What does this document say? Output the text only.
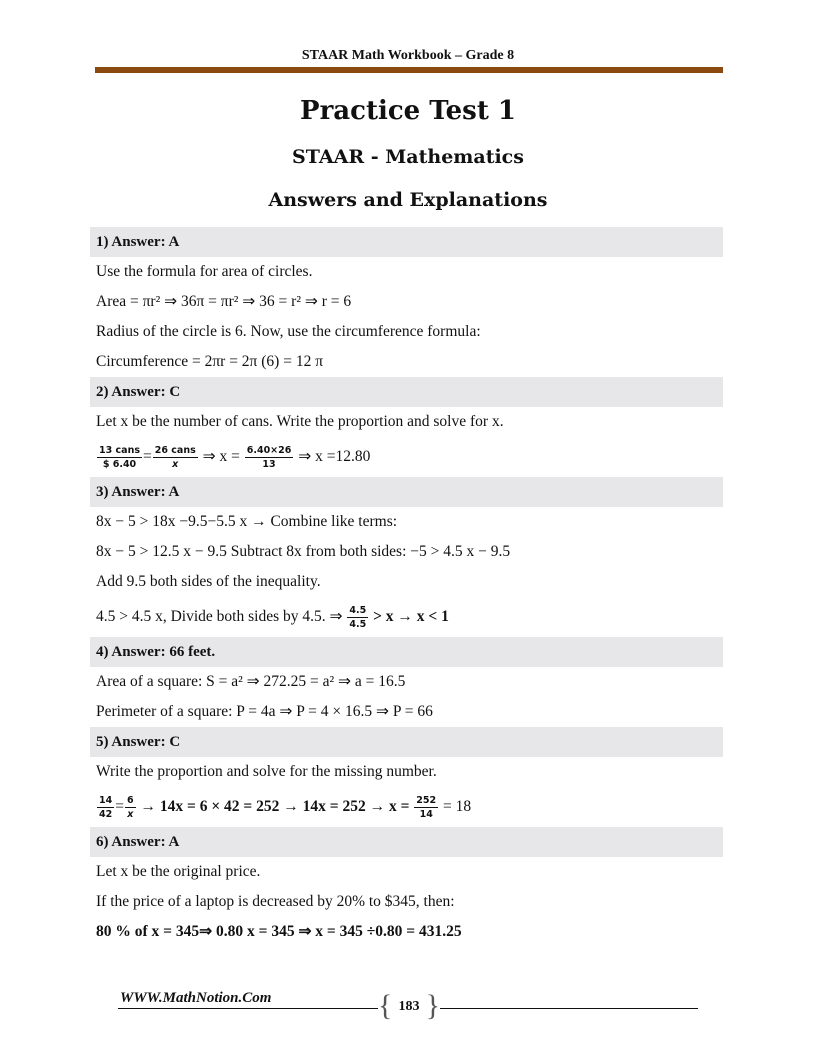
STAAR Math Workbook – Grade 8
Practice Test 1
STAAR - Mathematics
Answers and Explanations
1) Answer: A
Use the formula for area of circles.
Area = πr² ⇒ 36π = πr² ⇒ 36 = r² ⇒ r = 6
Radius of the circle is 6. Now, use the circumference formula:
Circumference = 2πr = 2π (6) = 12 π
2) Answer: C
Let x be the number of cans. Write the proportion and solve for x.
$\frac{\text{13 cans}}{\$ 6.40} = \frac{\text{26 cans}}{x}$ ⇒ $x = \frac{6.40\times 26}{13}$ ⇒ x =12.80
3) Answer: A
8x − 5 > 18x −9.5−5.5 x → Combine like terms:
8x − 5 > 12.5 x − 9.5 Subtract 8x from both sides: −5 > 4.5 x − 9.5
Add 9.5 both sides of the inequality.
4.5 > 4.5 x, Divide both sides by 4.5. ⇒ $\frac{4.5}{4.5} > x \to x < 1$
4) Answer: 66 feet.
Area of a square: S = a² ⇒ 272.25 = a² ⇒ a = 16.5
Perimeter of a square: P = 4a ⇒ P = 4 × 16.5 ⇒ P = 66
5) Answer: C
Write the proportion and solve for the missing number.
$\frac{14}{42} = \frac{6}{x} \to 14x = 6 \times 42 = 252 \to 14x = 252 \to x = \frac{252}{14} = 18$
6) Answer: A
Let x be the original price.
If the price of a laptop is decreased by 20% to $345, then:
80 % of x = 345⇒ 0.80 x = 345 ⇒ x = 345 ÷0.80 = 431.25
WWW.MathNotion.Com	{ 183 }
